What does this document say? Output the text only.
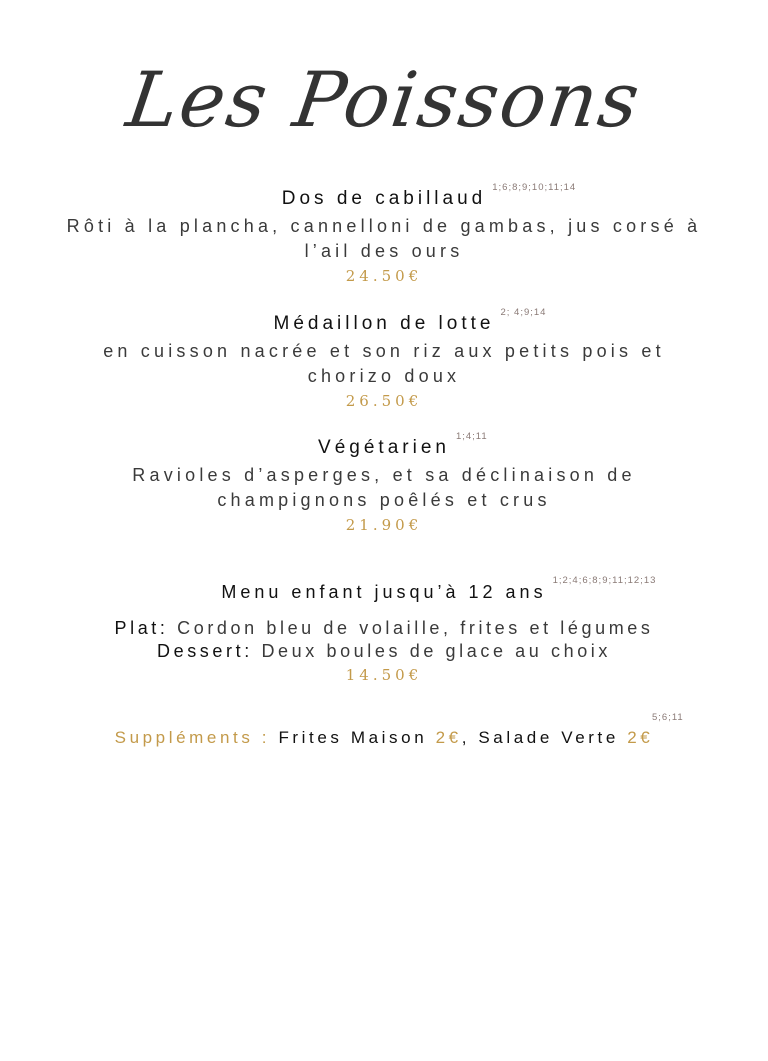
Les Poissons
Dos de cabillaud
1;6;8;9;10;11;14
Rôti à la plancha, cannelloni de gambas, jus corsé à
l’ail des ours
24.50€
Médaillon de lotte
2; 4;9;14
en cuisson nacrée et son riz aux petits pois et
chorizo doux
26.50€
Végétarien
1;4;11
Ravioles d’asperges, et sa déclinaison de
champignons poêlés et crus
21.90€
Menu enfant jusqu’à 12 ans
1;2;4;6;8;9;11;12;13
Plat: Cordon bleu de volaille, frites et légumes
Dessert: Deux boules de glace au choix
14.50€
5;6;11
Suppléments : Frites Maison 2€, Salade Verte 2€
